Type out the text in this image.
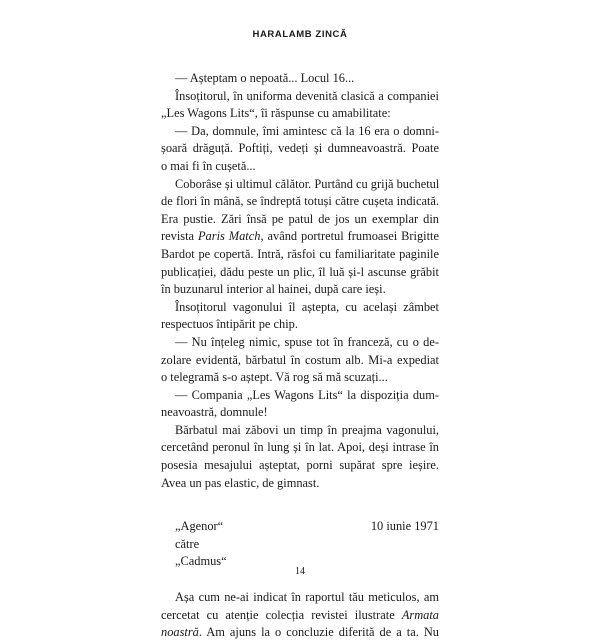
HARALAMB ZINCĂ
— Așteptam o nepoată... Locul 16...
Însoțitorul, în uniforma devenită clasică a companiei
„Les Wagons Lits“, îi răspunse cu amabilitate:
— Da, domnule, îmi amintesc că la 16 era o domni-
șoară drăguță. Poftiți, vedeți și dumneavoastră. Poate
o mai fi în cușetă...
Coborâse și ultimul călător. Purtând cu grijă buchetul
de flori în mână, se îndreptă totuși către cușeta indicată.
Era pustie. Zări însă pe patul de jos un exemplar din
revista Paris Match, având portretul frumoasei Brigitte
Bardot pe copertă. Intră, răsfoi cu familiaritate paginile
publicației, dădu peste un plic, îl luă și-l ascunse grăbit
în buzunarul interior al hainei, după care ieși.
Însoțitorul vagonului îl aștepta, cu același zâmbet
respectuos întipărit pe chip.
— Nu înțeleg nimic, spuse tot în franceză, cu o de-
zolare evidentă, bărbatul în costum alb. Mi-a expediat
o telegramă s-o aștept. Vă rog să mă scuzați...
— Compania „Les Wagons Lits“ la dispoziția dum-
neavoastră, domnule!
Bărbatul mai zăbovi un timp în preajma vagonului,
cercetând peronul în lung și în lat. Apoi, deși intrase în
posesia mesajului așteptat, porni supărat spre ieșire.
Avea un pas elastic, de gimnast.
„Agenor“	10 iunie 1971
către
„Cadmus“
Așa cum ne-ai indicat în raportul tău meticulos, am
cercetat cu atenție colecția revistei ilustrate Armata
noastră. Am ajuns la o concluzie diferită de a ta. Nu
14
